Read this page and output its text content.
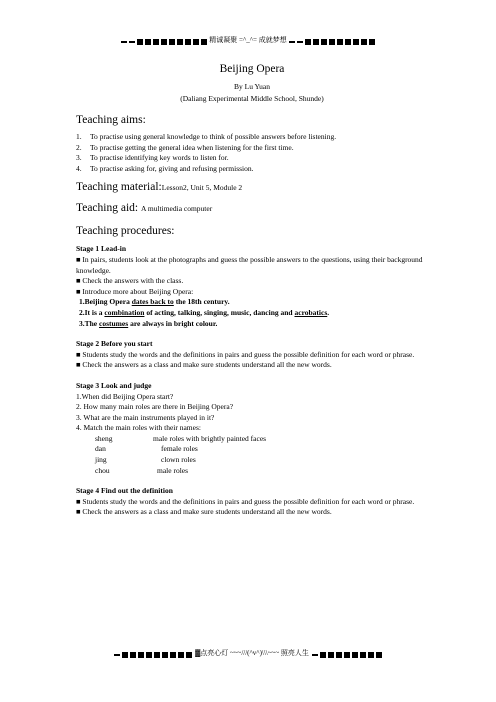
精诚凝聚 =^_^= 成就梦想

Beijing Opera

By Lu Yuan

(Daliang Experimental Middle School, Shunde)

Teaching aims:

1. To practise using general knowledge to think of possible answers before listening.

2. To practise getting the general idea when listening for the first time.

3. To practise identifying key words to listen for.

4. To practise asking for, giving and refusing permission.

Teaching material:Lesson2, Unit 5, Module 2

Teaching aid: A multimedia computer

Teaching procedures:

Stage 1 Lead-in

■ In pairs, students look at the photographs and guess the possible answers to the questions, using their background knowledge.

■ Check the answers with the class.

■ Introduce more about Beijing Opera:

1.Beijing Opera dates back to the 18th century.

2.It is a combination of acting, talking, singing, music, dancing and acrobatics.

3.The costumes are always in bright colour.

Stage 2 Before you start

■ Students study the words and the definitions in pairs and guess the possible definition for each word or phrase.

■ Check the answers as a class and make sure students understand all the new words.

Stage 3 Look and judge

1.When did Beijing Opera start?

2. How many main roles are there in Beijing Opera?

3. What are the main instruments played in it?

4. Match the main roles with their names:

sheng	male roles with brightly painted faces

dan	female roles

jing	clown roles

chou	male roles

Stage 4 Find out the definition

■ Students study the words and the definitions in pairs and guess the possible definition for each word or phrase.

■ Check the answers as a class and make sure students understand all the new words.

▓点亮心灯 ~~~///(^v^)\\\~~~ 照亮人生
